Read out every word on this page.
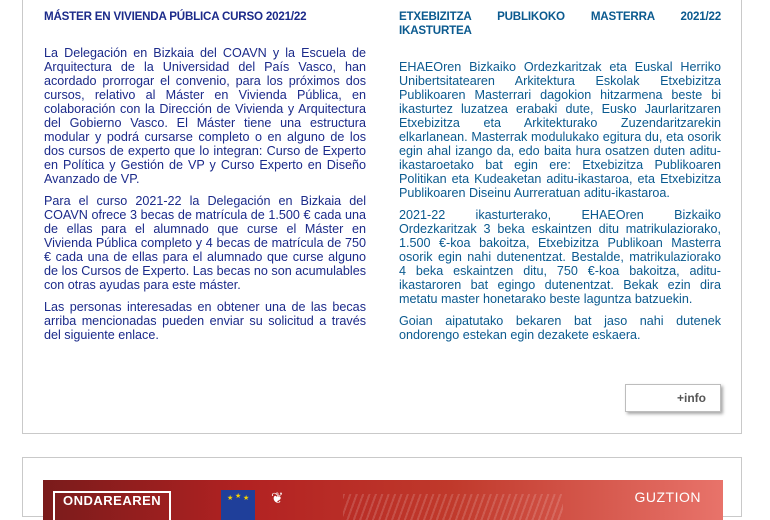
MÁSTER EN VIVIENDA PÚBLICA CURSO 2021/22

La Delegación en Bizkaia del COAVN y la Escuela de Arquitectura de la Universidad del País Vasco, han acordado prorrogar el convenio, para los próximos dos cursos, relativo al Máster en Vivienda Pública, en colaboración con la Dirección de Vivienda y Arquitectura del Gobierno Vasco. El Máster tiene una estructura modular y podrá cursarse completo o en alguno de los dos cursos de experto que lo integran: Curso de Experto en Política y Gestión de VP y Curso Experto en Diseño Avanzado de VP.

Para el curso 2021-22 la Delegación en Bizkaia del COAVN ofrece 3 becas de matrícula de 1.500 € cada una de ellas para el alumnado que curse el Máster en Vivienda Pública completo y 4 becas de matrícula de 750 € cada una de ellas para el alumnado que curse alguno de los Cursos de Experto. Las becas no son acumulables con otras ayudas para este máster.

Las personas interesadas en obtener una de las becas arriba mencionadas pueden enviar su solicitud a través del siguiente enlace.

ETXEBIZITZA PUBLIKOKO MASTERRA 2021/22 IKASTURTEA

EHAEOren Bizkaiko Ordezkaritzak eta Euskal Herriko Unibertsitatearen Arkitektura Eskolak Etxebizitza Publikoaren Masterrari dagokion hitzarmena beste bi ikasturtez luzatzea erabaki dute, Eusko Jaurlaritzaren Etxebizitza eta Arkitekturako Zuzendaritzarekin elkarlanean. Masterrak modulukako egitura du, eta osorik egin ahal izango da, edo baita hura osatzen duten aditu-ikastaroetako bat egin ere: Etxebizitza Publikoaren Politikan eta Kudeaketan aditu-ikastaroa, eta Etxebizitza Publikoaren Diseinu Aurreratuan aditu-ikastaroa.

2021-22 ikasturterako, EHAEOren Bizkaiko Ordezkaritzak 3 beka eskaintzen ditu matrikulaziorako, 1.500 €-koa bakoitza, Etxebizitza Publikoan Masterra osorik egin nahi dutenentzat. Bestalde, matrikulaziorako 4 beka eskaintzen ditu, 750 €-koa bakoitza, aditu-ikastaroren bat egingo dutenentzat. Bekak ezin dira metatu master honetarako beste laguntza batzuekin.

Goian aipatutako bekaren bat jaso nahi dutenek ondorengo estekan egin dezakete eskaera.

+info
ONDAREAREN	★ ★ ★ ❦	GUZTION
